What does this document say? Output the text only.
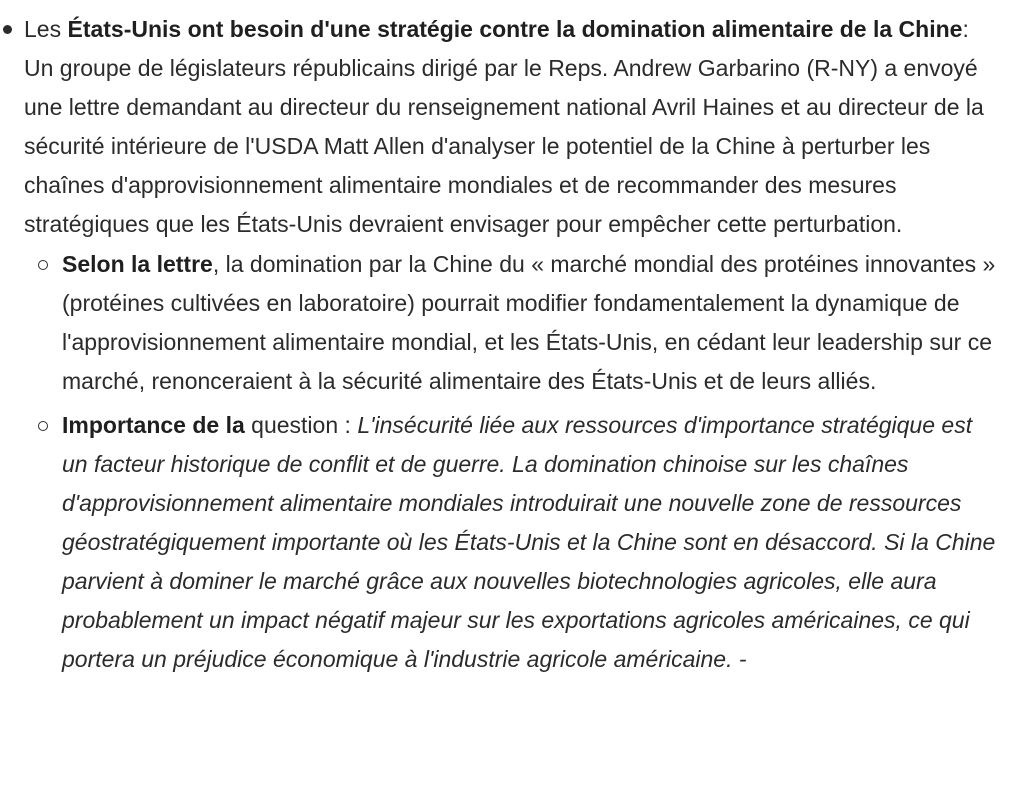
Les États-Unis ont besoin d'une stratégie contre la domination alimentaire de la Chine: Un groupe de législateurs républicains dirigé par le Reps. Andrew Garbarino (R-NY) a envoyé une lettre demandant au directeur du renseignement national Avril Haines et au directeur de la sécurité intérieure de l'USDA Matt Allen d'analyser le potentiel de la Chine à perturber les chaînes d'approvisionnement alimentaire mondiales et de recommander des mesures stratégiques que les États-Unis devraient envisager pour empêcher cette perturbation.
Selon la lettre, la domination par la Chine du « marché mondial des protéines innovantes » (protéines cultivées en laboratoire) pourrait modifier fondamentalement la dynamique de l'approvisionnement alimentaire mondial, et les États-Unis, en cédant leur leadership sur ce marché, renonceraient à la sécurité alimentaire des États-Unis et de leurs alliés.
Importance de la question : L'insécurité liée aux ressources d'importance stratégique est un facteur historique de conflit et de guerre. La domination chinoise sur les chaînes d'approvisionnement alimentaire mondiales introduirait une nouvelle zone de ressources géostratégiquement importante où les États-Unis et la Chine sont en désaccord. Si la Chine parvient à dominer le marché grâce aux nouvelles biotechnologies agricoles, elle aura probablement un impact négatif majeur sur les exportations agricoles américaines, ce qui portera un préjudice économique à l'industrie agricole américaine. -
